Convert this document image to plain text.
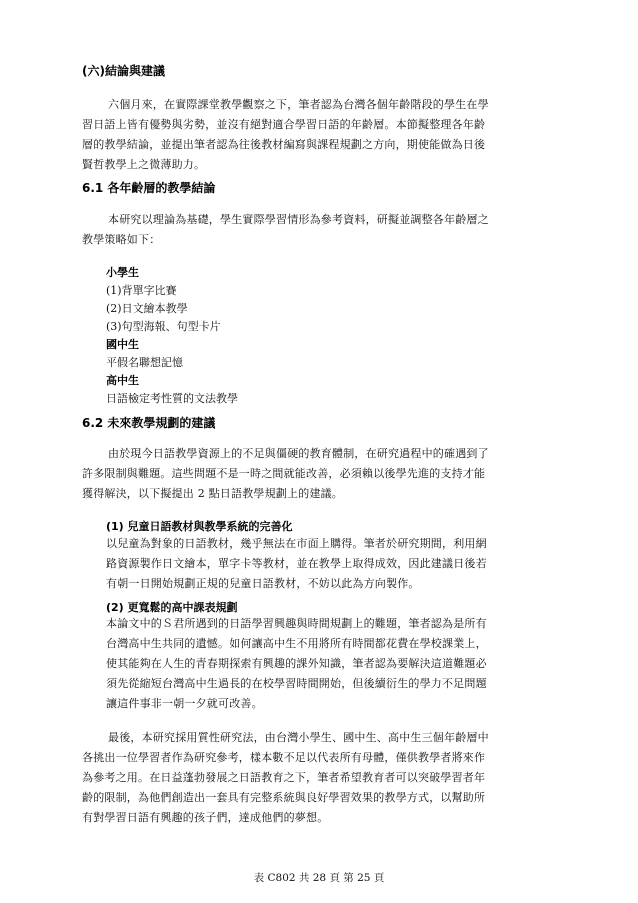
(六)結論與建議
六個月來，在實際課堂教學觀察之下，筆者認為台灣各個年齡階段的學生在學
習日語上皆有優勢與劣勢，並沒有絕對適合學習日語的年齡層。本節擬整理各年齡
層的教學結論，並提出筆者認為往後教材編寫與課程規劃之方向，期使能做為日後
賢哲教學上之微薄助力。
6.1 各年齡層的教學結論
本研究以理論為基礎，學生實際學習情形為參考資料，研擬並調整各年齡層之
教學策略如下：
小學生
(1)背單字比賽
(2)日文繪本教學
(3)句型海報、句型卡片
國中生
平假名聯想記憶
高中生
日語檢定考性質的文法教學
6.2 未來教學規劃的建議
由於現今日語教學資源上的不足與僵硬的教育體制，在研究過程中的確遇到了
許多限制與難題。這些問題不是一時之間就能改善，必須賴以後學先進的支持才能
獲得解決，以下擬提出 2 點日語教學規劃上的建議。
(1) 兒童日語教材與教學系統的完善化
以兒童為對象的日語教材，幾乎無法在市面上購得。筆者於研究期間，利用網
路資源製作日文繪本，單字卡等教材，並在教學上取得成效，因此建議日後若
有朝一日開始規劃正規的兒童日語教材，不妨以此為方向製作。
(2) 更寬鬆的高中課表規劃
本論文中的Ｓ君所遇到的日語學習興趣與時間規劃上的難題，筆者認為是所有
台灣高中生共同的遺憾。如何讓高中生不用將所有時間都花費在學校課業上，
使其能夠在人生的青春期探索有興趣的課外知識，筆者認為要解決這道難題必
須先從縮短台灣高中生過長的在校學習時間開始，但後續衍生的學力不足問題
讓這件事非一朝一夕就可改善。
最後，本研究採用質性研究法，由台灣小學生、國中生、高中生三個年齡層中
各挑出一位學習者作為研究參考，樣本數不足以代表所有母體，僅供教學者將來作
為參考之用。在日益蓬勃發展之日語教育之下，筆者希望教育者可以突破學習者年
齡的限制，為他們創造出一套具有完整系統與良好學習效果的教學方式，以幫助所
有對學習日語有興趣的孩子們，達成他們的夢想。
表 C802 共 28 頁 第 25 頁
